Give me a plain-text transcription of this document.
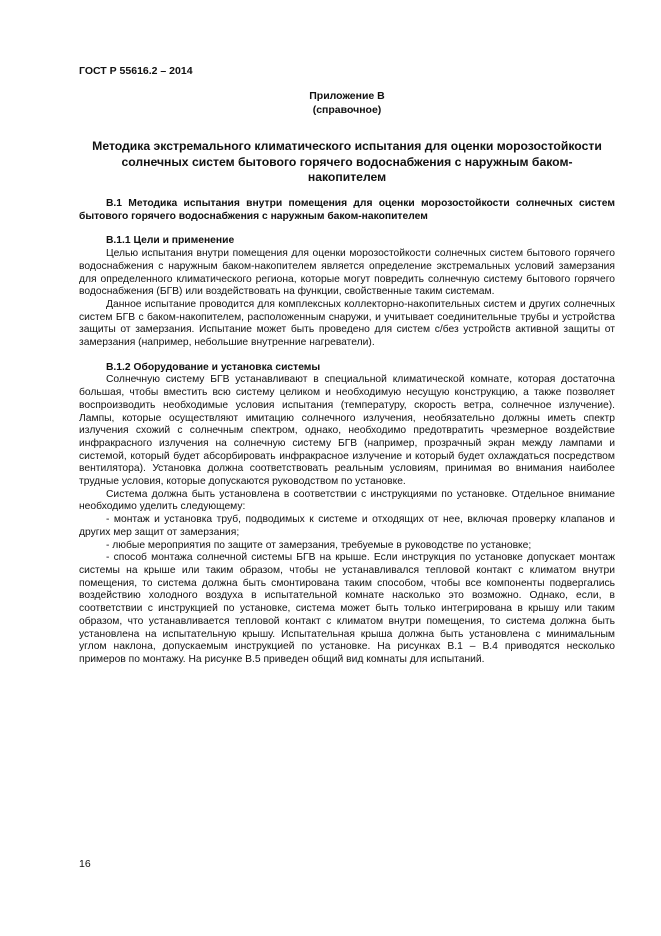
ГОСТ Р 55616.2 – 2014
Приложение В
(справочное)
Методика экстремального климатического испытания для оценки морозостойкости солнечных систем бытового горячего водоснабжения с наружным баком-накопителем

В.1 Методика испытания внутри помещения для оценки морозостойкости солнечных систем бытового горячего водоснабжения с наружным баком-накопителем

В.1.1 Цели и применение

Целью испытания внутри помещения для оценки морозостойкости солнечных систем бытового горячего водоснабжения с наружным баком-накопителем является определение экстремальных условий замерзания для определенного климатического региона, которые могут повредить солнечную систему бытового горячего водоснабжения (БГВ) или воздействовать на функции, свойственные таким системам.

Данное испытание проводится для комплексных коллекторно-накопительных систем и других солнечных систем БГВ с баком-накопителем, расположенным снаружи, и учитывает соединительные трубы и устройства защиты от замерзания. Испытание может быть проведено для систем с/без устройств активной защиты от замерзания (например, небольшие внутренние нагреватели).

В.1.2 Оборудование и установка системы

Солнечную систему БГВ устанавливают в специальной климатической комнате, которая достаточна большая, чтобы вместить всю систему целиком и необходимую несущую конструкцию, а также позволяет воспроизводить необходимые условия испытания (температуру, скорость ветра, солнечное излучение). Лампы, которые осуществляют имитацию солнечного излучения, необязательно должны иметь спектр излучения схожий с солнечным спектром, однако, необходимо предотвратить чрезмерное воздействие инфракрасного излучения на солнечную систему БГВ (например, прозрачный экран между лампами и системой, который будет абсорбировать инфракрасное излучение и который будет охлаждаться посредством вентилятора). Установка должна соответствовать реальным условиям, принимая во внимания наиболее трудные условия, которые допускаются руководством по установке.

Система должна быть установлена в соответствии с инструкциями по установке. Отдельное внимание необходимо уделить следующему:

- монтаж и установка труб, подводимых к системе и отходящих от нее, включая проверку клапанов и других мер защит от замерзания;

- любые мероприятия по защите от замерзания, требуемые в руководстве по установке;

- способ монтажа солнечной системы БГВ на крыше. Если инструкция по установке допускает монтаж системы на крыше или таким образом, чтобы не устанавливался тепловой контакт с климатом внутри помещения, то система должна быть смонтирована таким способом, чтобы все компоненты подвергались воздействию холодного воздуха в испытательной комнате насколько это возможно. Однако, если, в соответствии с инструкцией по установке, система может быть только интегрирована в крышу или таким образом, что устанавливается тепловой контакт с климатом внутри помещения, то система должна быть установлена на испытательную крышу. Испытательная крыша должна быть установлена с минимальным углом наклона, допускаемым инструкцией по установке. На рисунках В.1 – В.4 приводятся несколько примеров по монтажу. На рисунке В.5 приведен общий вид комнаты для испытаний.

16
